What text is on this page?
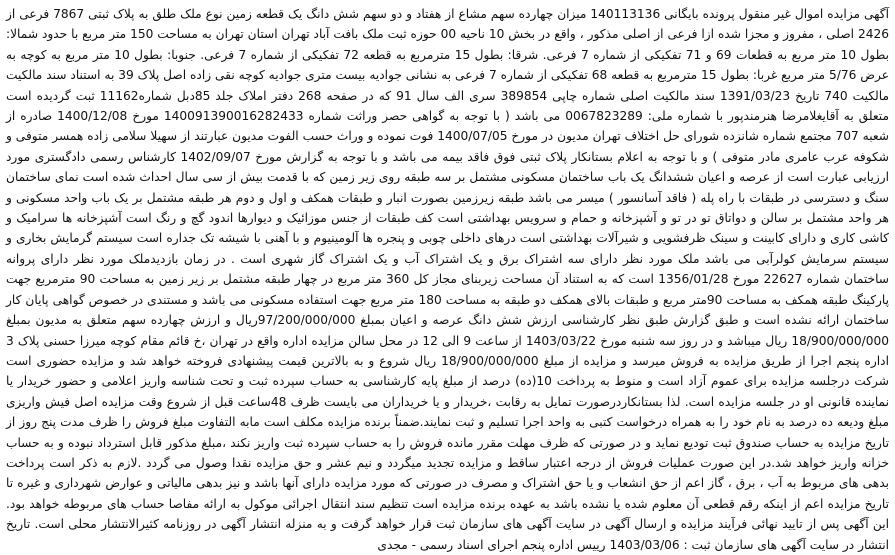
آگهی مزایده اموال غیر منقول پرونده بایگانی 140113136 میزان چهارده سهم مشاع از هفتاد و دو سهم شش دانگ یک قطعه زمین نوع ملک طلق به پلاک ثبتی 7867 فرعی از 2426 اصلی ، مفروز و مجزا شده ازا فرعی از اصلی مذکور ، واقع در بخش 10 ناحیه 00 حوزه ثبت ملک بافت آباد تهران استان تهران به مساحت 150 متر مربع با حدود شمالا: بطول 10 متر مربع به قطعات 69 و 71 تفکیکی از شماره 7 فرعی. شرقا: بطول 15 مترمربع به قطعه 72 تفکیکی از شماره 7 فرعی. جنوبا: بطول 10 متر مربع به کوچه به عرض 5/76 متر مربع غربا: بطول 15 مترمربع به قطعه 68 تفکیکی از شماره 7 فرعی به نشانی جوادیه بیست متری جوادیه کوچه نقی زاده اصل پلاک 39 به استناد سند مالکیت مالکیت 740 تاریخ 1391/03/23 سند مالکیت اصلی شماره چاپی 389854 سری الف سال 91 که در صفحه 268 دفتر املاک جلد 85دبل شماره11162 ثبت گردیده است متعلق به آقایغلامرضا هنرمندپور با شماره ملی: 0067823289 می باشد ( با توجه به گواهی حصر وراثت شماره 140091390016282433 مورخ 1400/12/08 صادره از شعبه 707 مجتمع شماره شانزده شورای حل اختلاف تهران مدیون در مورخ 1400/07/05 فوت نموده و وراث حسب الفوت مدیون عبارتند از سهیلا سلامی زاده همسر متوفی و شکوفه عرب عامری مادر متوفی ) و با توجه به اعلام بستانکار پلاک ثبتی فوق فاقد بیمه می باشد و با توجه به گزارش مورخ 1402/09/07 کارشناس رسمی دادگستری مورد ارزیابی عبارت است از عرصه و اعیان ششدانگ یک باب ساختمان مسکونی مشتمل بر سه طبقه روی زیر زمین که با قدمت بیش از سی سال احداث شده است نمای ساختمان سنگ و دسترسی در طبقات با راه پله ( فاقد آسانسور ) میسر می باشد طبقه زیرزمین بصورت انبار و طبقات همکف و اول و دوم هر طبقه مشتمل بر یک باب واحد مسکونی و هر واحد مشتمل بر سالن و دواتاق تو در تو و آشپزخانه و حمام و سرویس بهداشتی است کف طبقات از جنس موزائیک و دیوارها اندود گچ و رنگ است آشپزخانه ها سرامیک و کاشی کاری و دارای کابینت و سینک ظرفشویی و شیرآلات بهداشتی است درهای داخلی چوبی و پنجره ها آلومینیوم و با آهنی با شیشه تک جداره است سیستم گرمایش بخاری و سیستم سرمایش کولرآبی می باشد ملک مورد نظر دارای سه اشتراک برق و یک اشتراک آب و یک اشتراک گاز شهری است . در زمان بازدیدملک مورد نظر دارای پروانه ساختمان شماره 22627 مورخ 1356/01/28 است که به استناد آن مساحت زیربنای مجاز کل 360 متر مربع در چهار طبقه مشتمل بر زیر زمین به مساحت 90 مترمربع جهت پارکینگ طبقه همکف به مساحت 90متر مربع و طبقات بالای همکف دو طبقه به مساحت 180 متر مربع جهت استفاده مسکونی می باشد و مستندی در خصوص گواهی پایان کار ساختمان ارائه نشده است و طبق گزارش طبق نظر کارشناسی ارزش شش دانگ عرصه و اعیان بمبلغ 97/200/000/000ریال و ارزش چهارده سهم متعلق به مدیون بمبلغ 18/900/000/000 ریال میباشد و در روز سه شنبه مورخ 1403/03/22 از ساعت 9 الی 12 در محل سالن مزایده اداره واقع در تهران ،خ قائم مقام کوچه میرزا حسنی پلاک 3 اداره پنجم اجرا از طریق مزایده به فروش میرسد و مزایده از مبلغ 18/900/000/000 ریال شروع و به بالاترین قیمت پیشنهادی فروخته خواهد شد و مزایده حضوری است شرکت درجلسه مزایده برای عموم آزاد است و منوط به پرداخت 10(ده) درصد از مبلغ پایه کارشناسی به حساب سپرده ثبت و تحت شناسه واریز اعلامی و حضور خریدار یا نماینده قانونی او در جلسه مزایده است. لذا بستانکاردرصورت تمایل به رقابت ،خریدار و یا خریداران می بایست ظرف 48ساعت قبل از شروع وقت مزایده اصل فیش واریزی مبلغ ودیعه ده درصد به نام خود را به همراه درخواست کتبی به واحد اجرا تسلیم و ثبت نمایند.ضمناً برنده مزایده مکلف است مابه التفاوت مبلغ فروش را ظرف مدت پنج روز از تاریخ مزایده به حساب صندوق ثبت تودیع نماید و در صورتی که ظرف مهلت مقرر مانده فروش را به حساب سپرده ثبت واریز نکند ،مبلغ مذکور قابل استرداد نبوده و به حساب خزانه واریز خواهد شد.در این صورت عملیات فروش از درجه اعتبار ساقط و مزایده تجدید میگردد و نیم عشر و حق مزایده نقدا وصول می گردد .لازم به ذکر است پرداخت بدهی های مربوط به آب ، برق ، گاز اعم از حق انشعاب و یا حق اشتراک و مصرف در صورتی که مورد مزایده دارای آنها باشد و نیز بدهی مالیاتی و عوارض شهرداری و غیره تا تاریخ مزایده اعم از اینکه رقم قطعی آن معلوم شده یا نشده باشد به عهده برنده مزایده است تنظیم سند انتقال اجرائی موکول به ارائه مفاصا حساب های مربوطه خواهد بود. این آگهی پس از تایید نهائی فرآیند مزایده و ارسال آگهی در سایت آگهی های سازمان ثبت قرار خواهد گرفت و به منزله انتشار آگهی در روزنامه کثیرالانتشار محلی است. تاریخ انتشار در سایت آگهی های سازمان ثبت : 1403/03/06 رییس اداره پنجم اجرای اسناد رسمی - مجدی
